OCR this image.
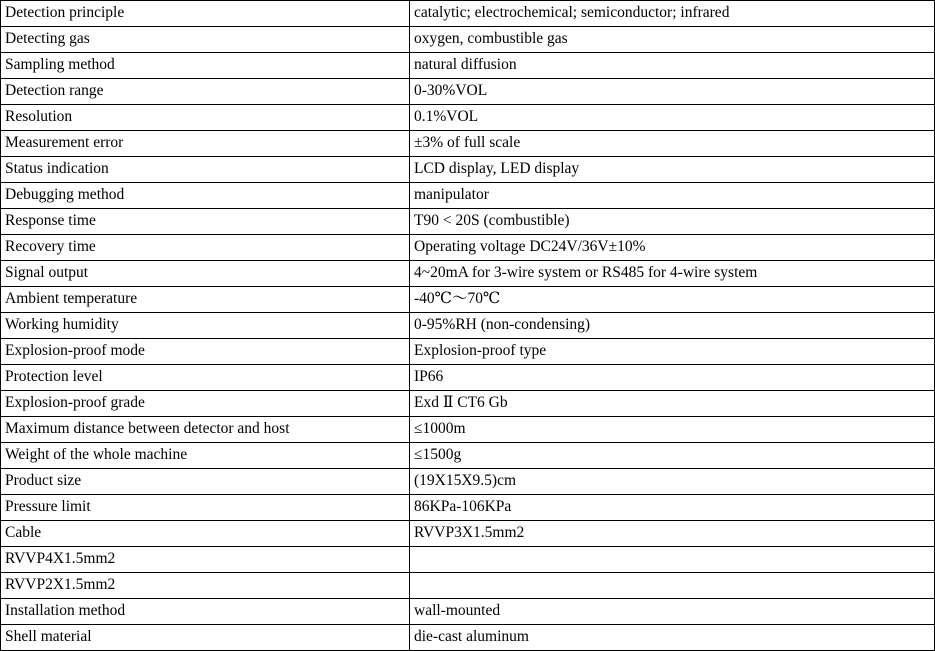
Detection principle	catalytic; electrochemical; semiconductor; infrared
Detecting gas	oxygen, combustible gas
Sampling method	natural diffusion
Detection range	0-30%VOL
Resolution	0.1%VOL
Measurement error	±3% of full scale
Status indication	LCD display, LED display
Debugging method	manipulator
Response time	T90 < 20S (combustible)
Recovery time	Operating voltage DC24V/36V±10%
Signal output	4~20mA for 3-wire system or RS485 for 4-wire system
Ambient temperature	-40℃～70℃
Working humidity	0-95%RH (non-condensing)
Explosion-proof mode	Explosion-proof type
Protection level	IP66
Explosion-proof grade	Exd Ⅱ CT6 Gb
Maximum distance between detector and host	≤1000m
Weight of the whole machine	≤1500g
Product size	(19X15X9.5)cm
Pressure limit	86KPa-106KPa
Cable	RVVP3X1.5mm2
RVVP4X1.5mm2	
RVVP2X1.5mm2	
Installation method	wall-mounted
Shell material	die-cast aluminum
